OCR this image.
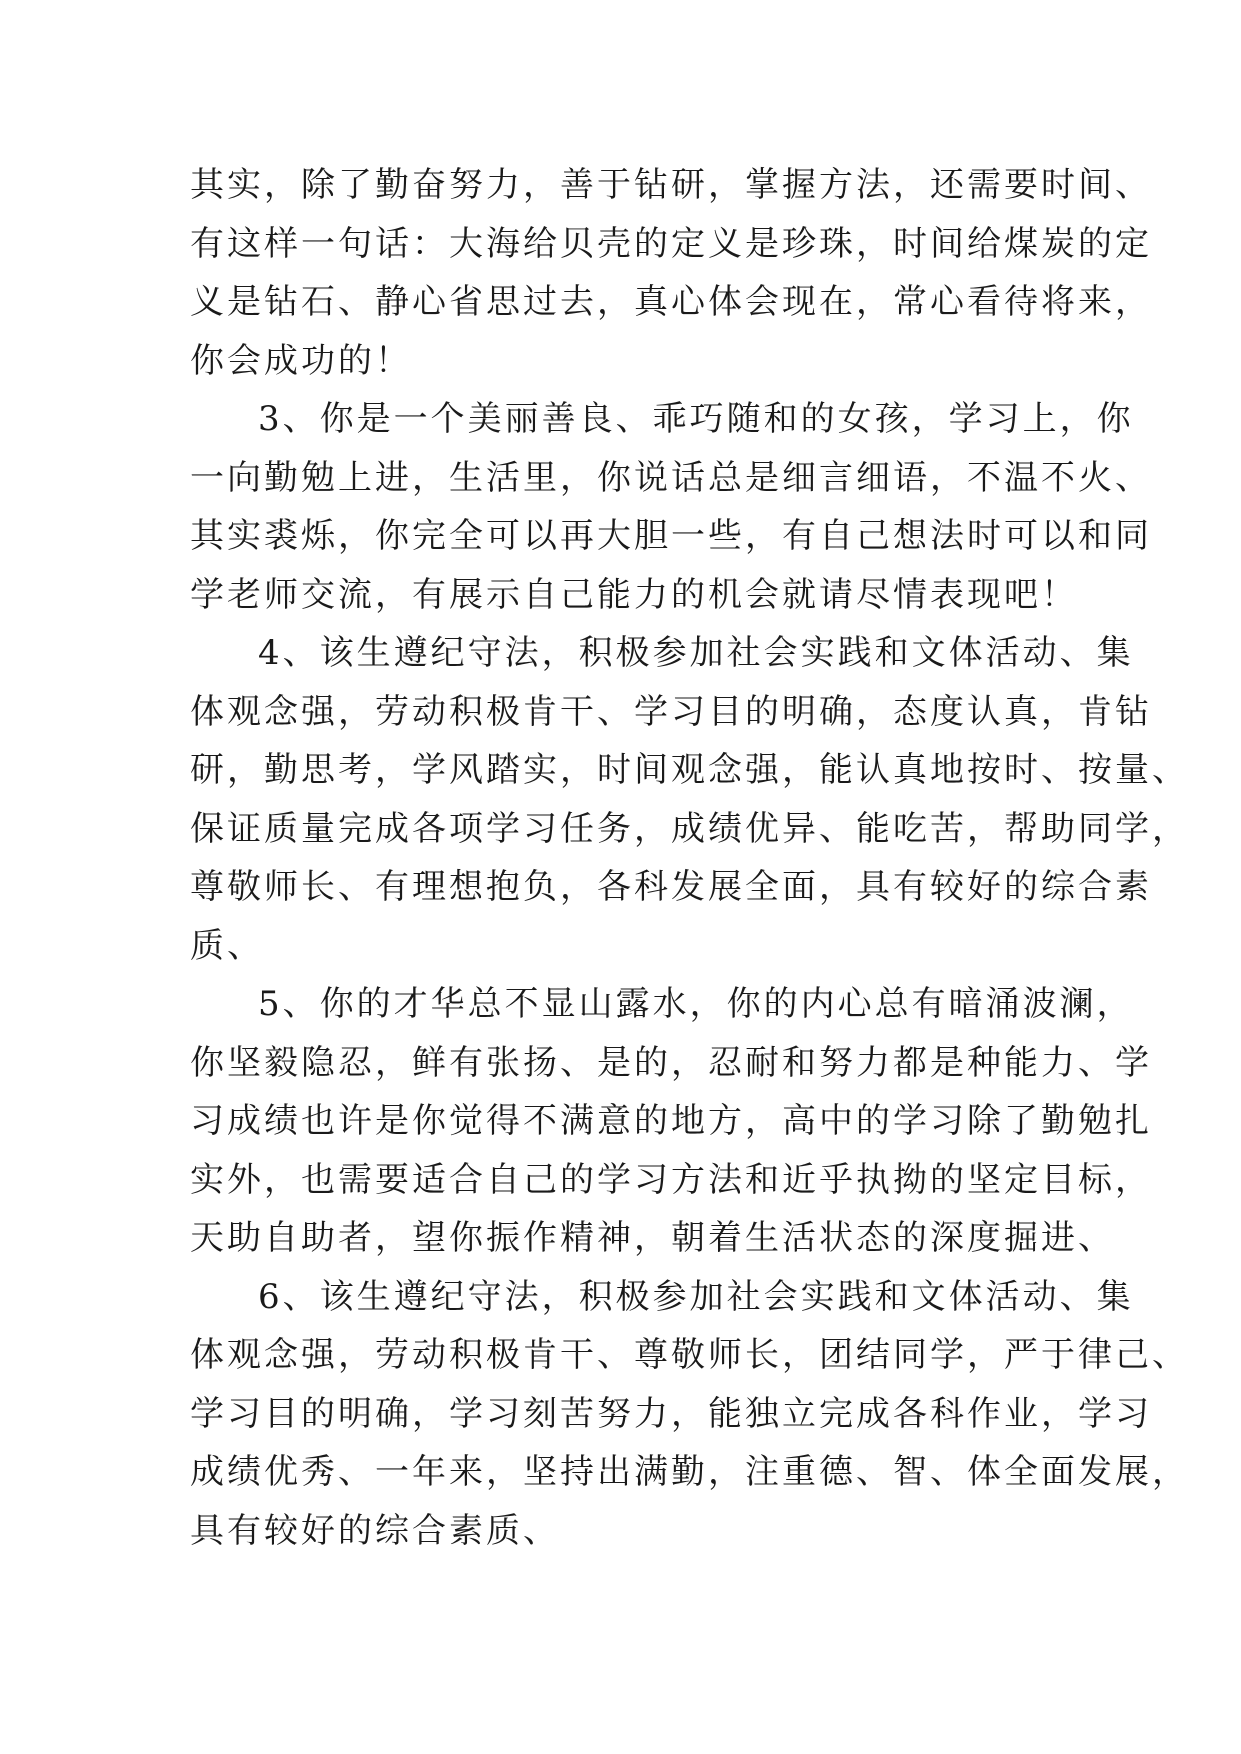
其实，除了勤奋努力，善于钻研，掌握方法，还需要时间、
有这样一句话：大海给贝壳的定义是珍珠，时间给煤炭的定
义是钻石、静心省思过去，真心体会现在，常心看待将来，
你会成功的！
3、你是一个美丽善良、乖巧随和的女孩，学习上，你
一向勤勉上进，生活里，你说话总是细言细语，不温不火、
其实裘烁，你完全可以再大胆一些，有自己想法时可以和同
学老师交流，有展示自己能力的机会就请尽情表现吧！
4、该生遵纪守法，积极参加社会实践和文体活动、集
体观念强，劳动积极肯干、学习目的明确，态度认真，肯钻
研，勤思考，学风踏实，时间观念强，能认真地按时、按量、
保证质量完成各项学习任务，成绩优异、能吃苦，帮助同学，
尊敬师长、有理想抱负，各科发展全面，具有较好的综合素
质、
5、你的才华总不显山露水，你的内心总有暗涌波澜，
你坚毅隐忍，鲜有张扬、是的，忍耐和努力都是种能力、学
习成绩也许是你觉得不满意的地方，高中的学习除了勤勉扎
实外，也需要适合自己的学习方法和近乎执拗的坚定目标，
天助自助者，望你振作精神，朝着生活状态的深度掘进、
6、该生遵纪守法，积极参加社会实践和文体活动、集
体观念强，劳动积极肯干、尊敬师长，团结同学，严于律己、
学习目的明确，学习刻苦努力，能独立完成各科作业，学习
成绩优秀、一年来，坚持出满勤，注重德、智、体全面发展，
具有较好的综合素质、
